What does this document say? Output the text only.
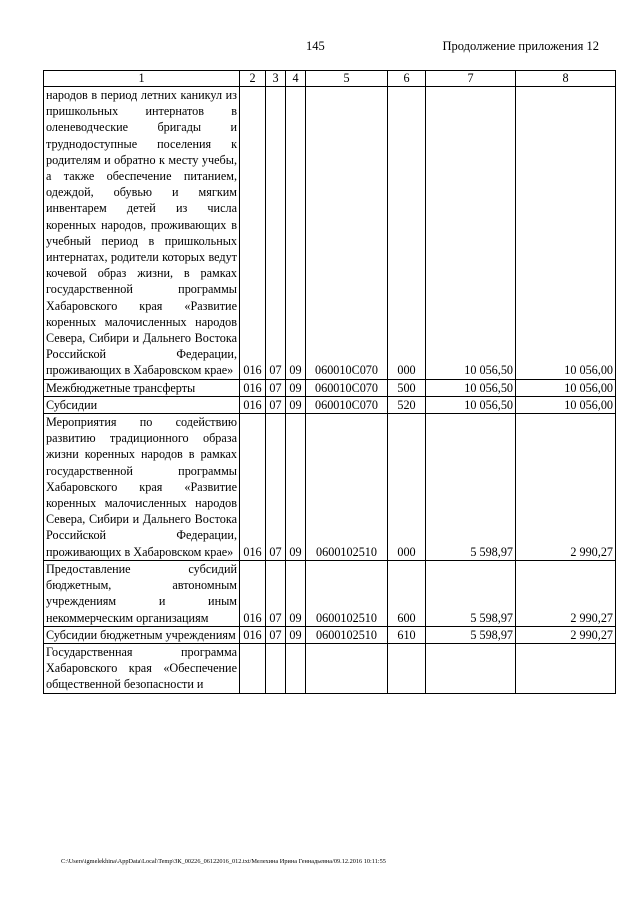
145	Продолжение приложения 12
1	2	3	4	5	6	7	8
народов в период летних каникул из пришкольных интернатов в оленеводческие бригады и труднодоступные поселения к родителям и обратно к месту учебы, а также обеспечение питанием, одеждой, обувью и мягким инвентарем детей из числа коренных народов, проживающих в учебный период в пришкольных интернатах, родители которых ведут кочевой образ жизни, в рамках государственной программы Хабаровского края «Развитие коренных малочисленных народов Севера, Сибири и Дальнего Востока Российской Федерации, проживающих в Хабаровском крае»	016	07	09	060010С070	000	10 056,50	10 056,00
Межбюджетные трансферты	016	07	09	060010С070	500	10 056,50	10 056,00
Субсидии	016	07	09	060010С070	520	10 056,50	10 056,00
Мероприятия по содействию развитию традиционного образа жизни коренных народов в рамках государственной программы Хабаровского края «Развитие коренных малочисленных народов Севера, Сибири и Дальнего Востока Российской Федерации, проживающих в Хабаровском крае»	016	07	09	0600102510	000	5 598,97	2 990,27
Предоставление субсидий бюджетным, автономным учреждениям и иным некоммерческим организациям	016	07	09	0600102510	600	5 598,97	2 990,27
Субсидии бюджетным учреждениям	016	07	09	0600102510	610	5 598,97	2 990,27
Государственная программа Хабаровского края «Обеспечение общественной безопасности и							
C:\Users\igmelekhina\AppData\Local\Temp\ЗК_00226_06122016_012.txt/Мелехина Ирина Геннадьевна/09.12.2016 10:11:55
